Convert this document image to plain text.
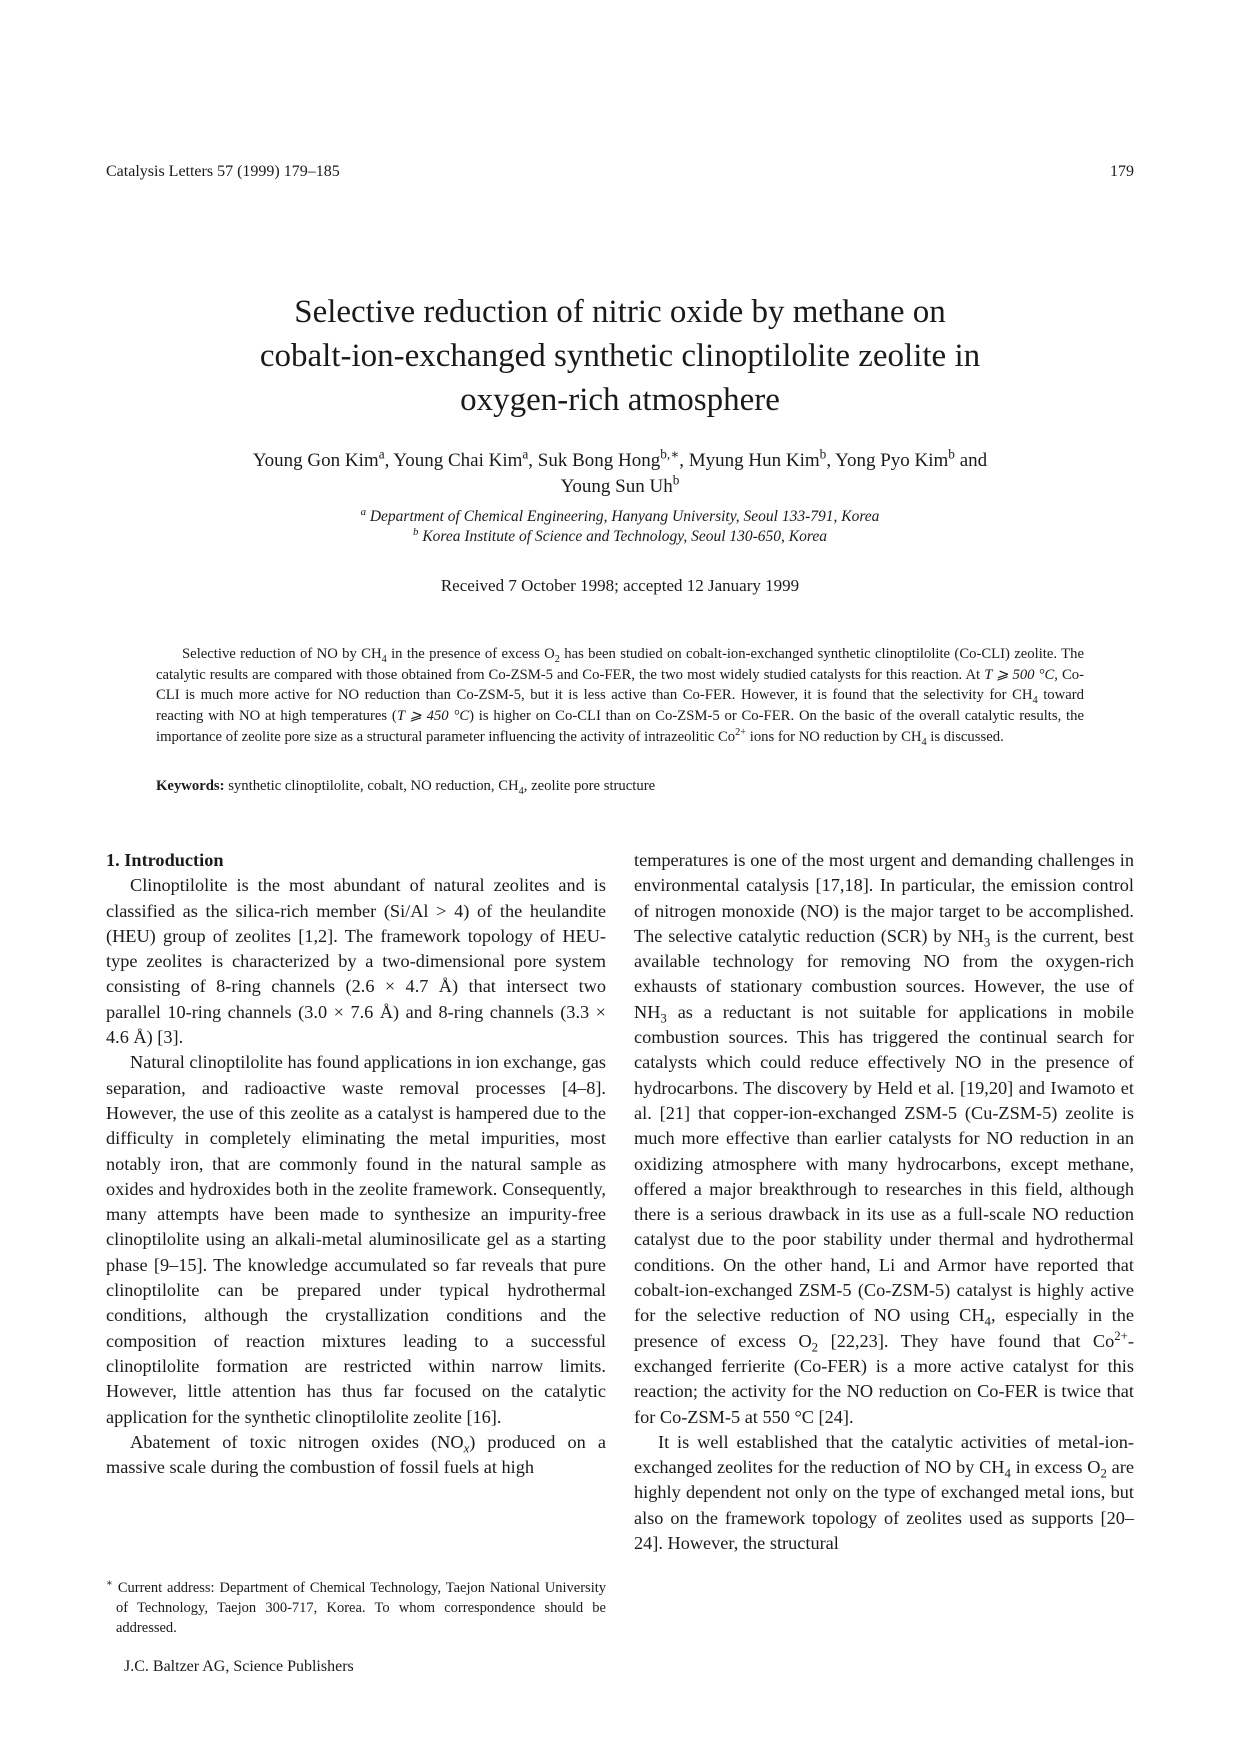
Catalysis Letters 57 (1999) 179–185	179
Selective reduction of nitric oxide by methane on
cobalt-ion-exchanged synthetic clinoptilolite zeolite in
oxygen-rich atmosphere
Young Gon Kim$^a$, Young Chai Kim$^a$, Suk Bong Hong$^{b,∗}$, Myung Hun Kim$^b$, Yong Pyo Kim$^b$ and
Young Sun Uh$^b$
$^a$ Department of Chemical Engineering, Hanyang University, Seoul 133-791, Korea
$^b$ Korea Institute of Science and Technology, Seoul 130-650, Korea
Received 7 October 1998; accepted 12 January 1999

Selective reduction of NO by $CH_4$ in the presence of excess $O_2$ has been studied on cobalt-ion-exchanged synthetic clinoptilolite (Co-CLI) zeolite. The catalytic results are compared with those obtained from Co-ZSM-5 and Co-FER, the two most widely studied catalysts for this reaction. At T ⩾ 500 °C, Co-CLI is much more active for NO reduction than Co-ZSM-5, but it is less active than Co-FER. However, it is found that the selectivity for $CH_4$ toward reacting with NO at high temperatures (T ⩾ 450 °C) is higher on Co-CLI than on Co-ZSM-5 or Co-FER. On the basic of the overall catalytic results, the importance of zeolite pore size as a structural parameter influencing the activity of intrazeolitic $Co^{2+}$ ions for NO reduction by $CH_4$ is discussed.

Keywords: synthetic clinoptilolite, cobalt, NO reduction, $CH_4$, zeolite pore structure

1. Introduction

Clinoptilolite is the most abundant of natural zeolites and is classified as the silica-rich member (Si/Al > 4) of the heulandite (HEU) group of zeolites [1,2]. The framework topology of HEU-type zeolites is characterized by a two-dimensional pore system consisting of 8-ring channels (2.6 × 4.7 Å) that intersect two parallel 10-ring channels (3.0 × 7.6 Å) and 8-ring channels (3.3 × 4.6 Å) [3].

Natural clinoptilolite has found applications in ion exchange, gas separation, and radioactive waste removal processes [4–8]. However, the use of this zeolite as a catalyst is hampered due to the difficulty in completely eliminating the metal impurities, most notably iron, that are commonly found in the natural sample as oxides and hydroxides both in the zeolite framework. Consequently, many attempts have been made to synthesize an impurity-free clinoptilolite using an alkali-metal aluminosilicate gel as a starting phase [9–15]. The knowledge accumulated so far reveals that pure clinoptilolite can be prepared under typical hydrothermal conditions, although the crystallization conditions and the composition of reaction mixtures leading to a successful clinoptilolite formation are restricted within narrow limits. However, little attention has thus far focused on the catalytic application for the synthetic clinoptilolite zeolite [16].

Abatement of toxic nitrogen oxides $(NO_x)$ produced on a massive scale during the combustion of fossil fuels at high

temperatures is one of the most urgent and demanding challenges in environmental catalysis [17,18]. In particular, the emission control of nitrogen monoxide (NO) is the major target to be accomplished. The selective catalytic reduction (SCR) by $NH_3$ is the current, best available technology for removing NO from the oxygen-rich exhausts of stationary combustion sources. However, the use of $NH_3$ as a reductant is not suitable for applications in mobile combustion sources. This has triggered the continual search for catalysts which could reduce effectively NO in the presence of hydrocarbons. The discovery by Held et al. [19,20] and Iwamoto et al. [21] that copper-ion-exchanged ZSM-5 (Cu-ZSM-5) zeolite is much more effective than earlier catalysts for NO reduction in an oxidizing atmosphere with many hydrocarbons, except methane, offered a major breakthrough to researches in this field, although there is a serious drawback in its use as a full-scale NO reduction catalyst due to the poor stability under thermal and hydrothermal conditions. On the other hand, Li and Armor have reported that cobalt-ion-exchanged ZSM-5 (Co-ZSM-5) catalyst is highly active for the selective reduction of NO using $CH_4$, especially in the presence of excess $O_2$ [22,23]. They have found that $Co^{2+}$-exchanged ferrierite (Co-FER) is a more active catalyst for this reaction; the activity for the NO reduction on Co-FER is twice that for Co-ZSM-5 at 550 °C [24].

It is well established that the catalytic activities of metal-ion-exchanged zeolites for the reduction of NO by $CH_4$ in excess $O_2$ are highly dependent not only on the type of exchanged metal ions, but also on the framework topology of zeolites used as supports [20–24]. However, the structural

∗ Current address: Department of Chemical Technology, Taejon National University of Technology, Taejon 300-717, Korea. To whom correspondence should be addressed.
J.C. Baltzer AG, Science Publishers
